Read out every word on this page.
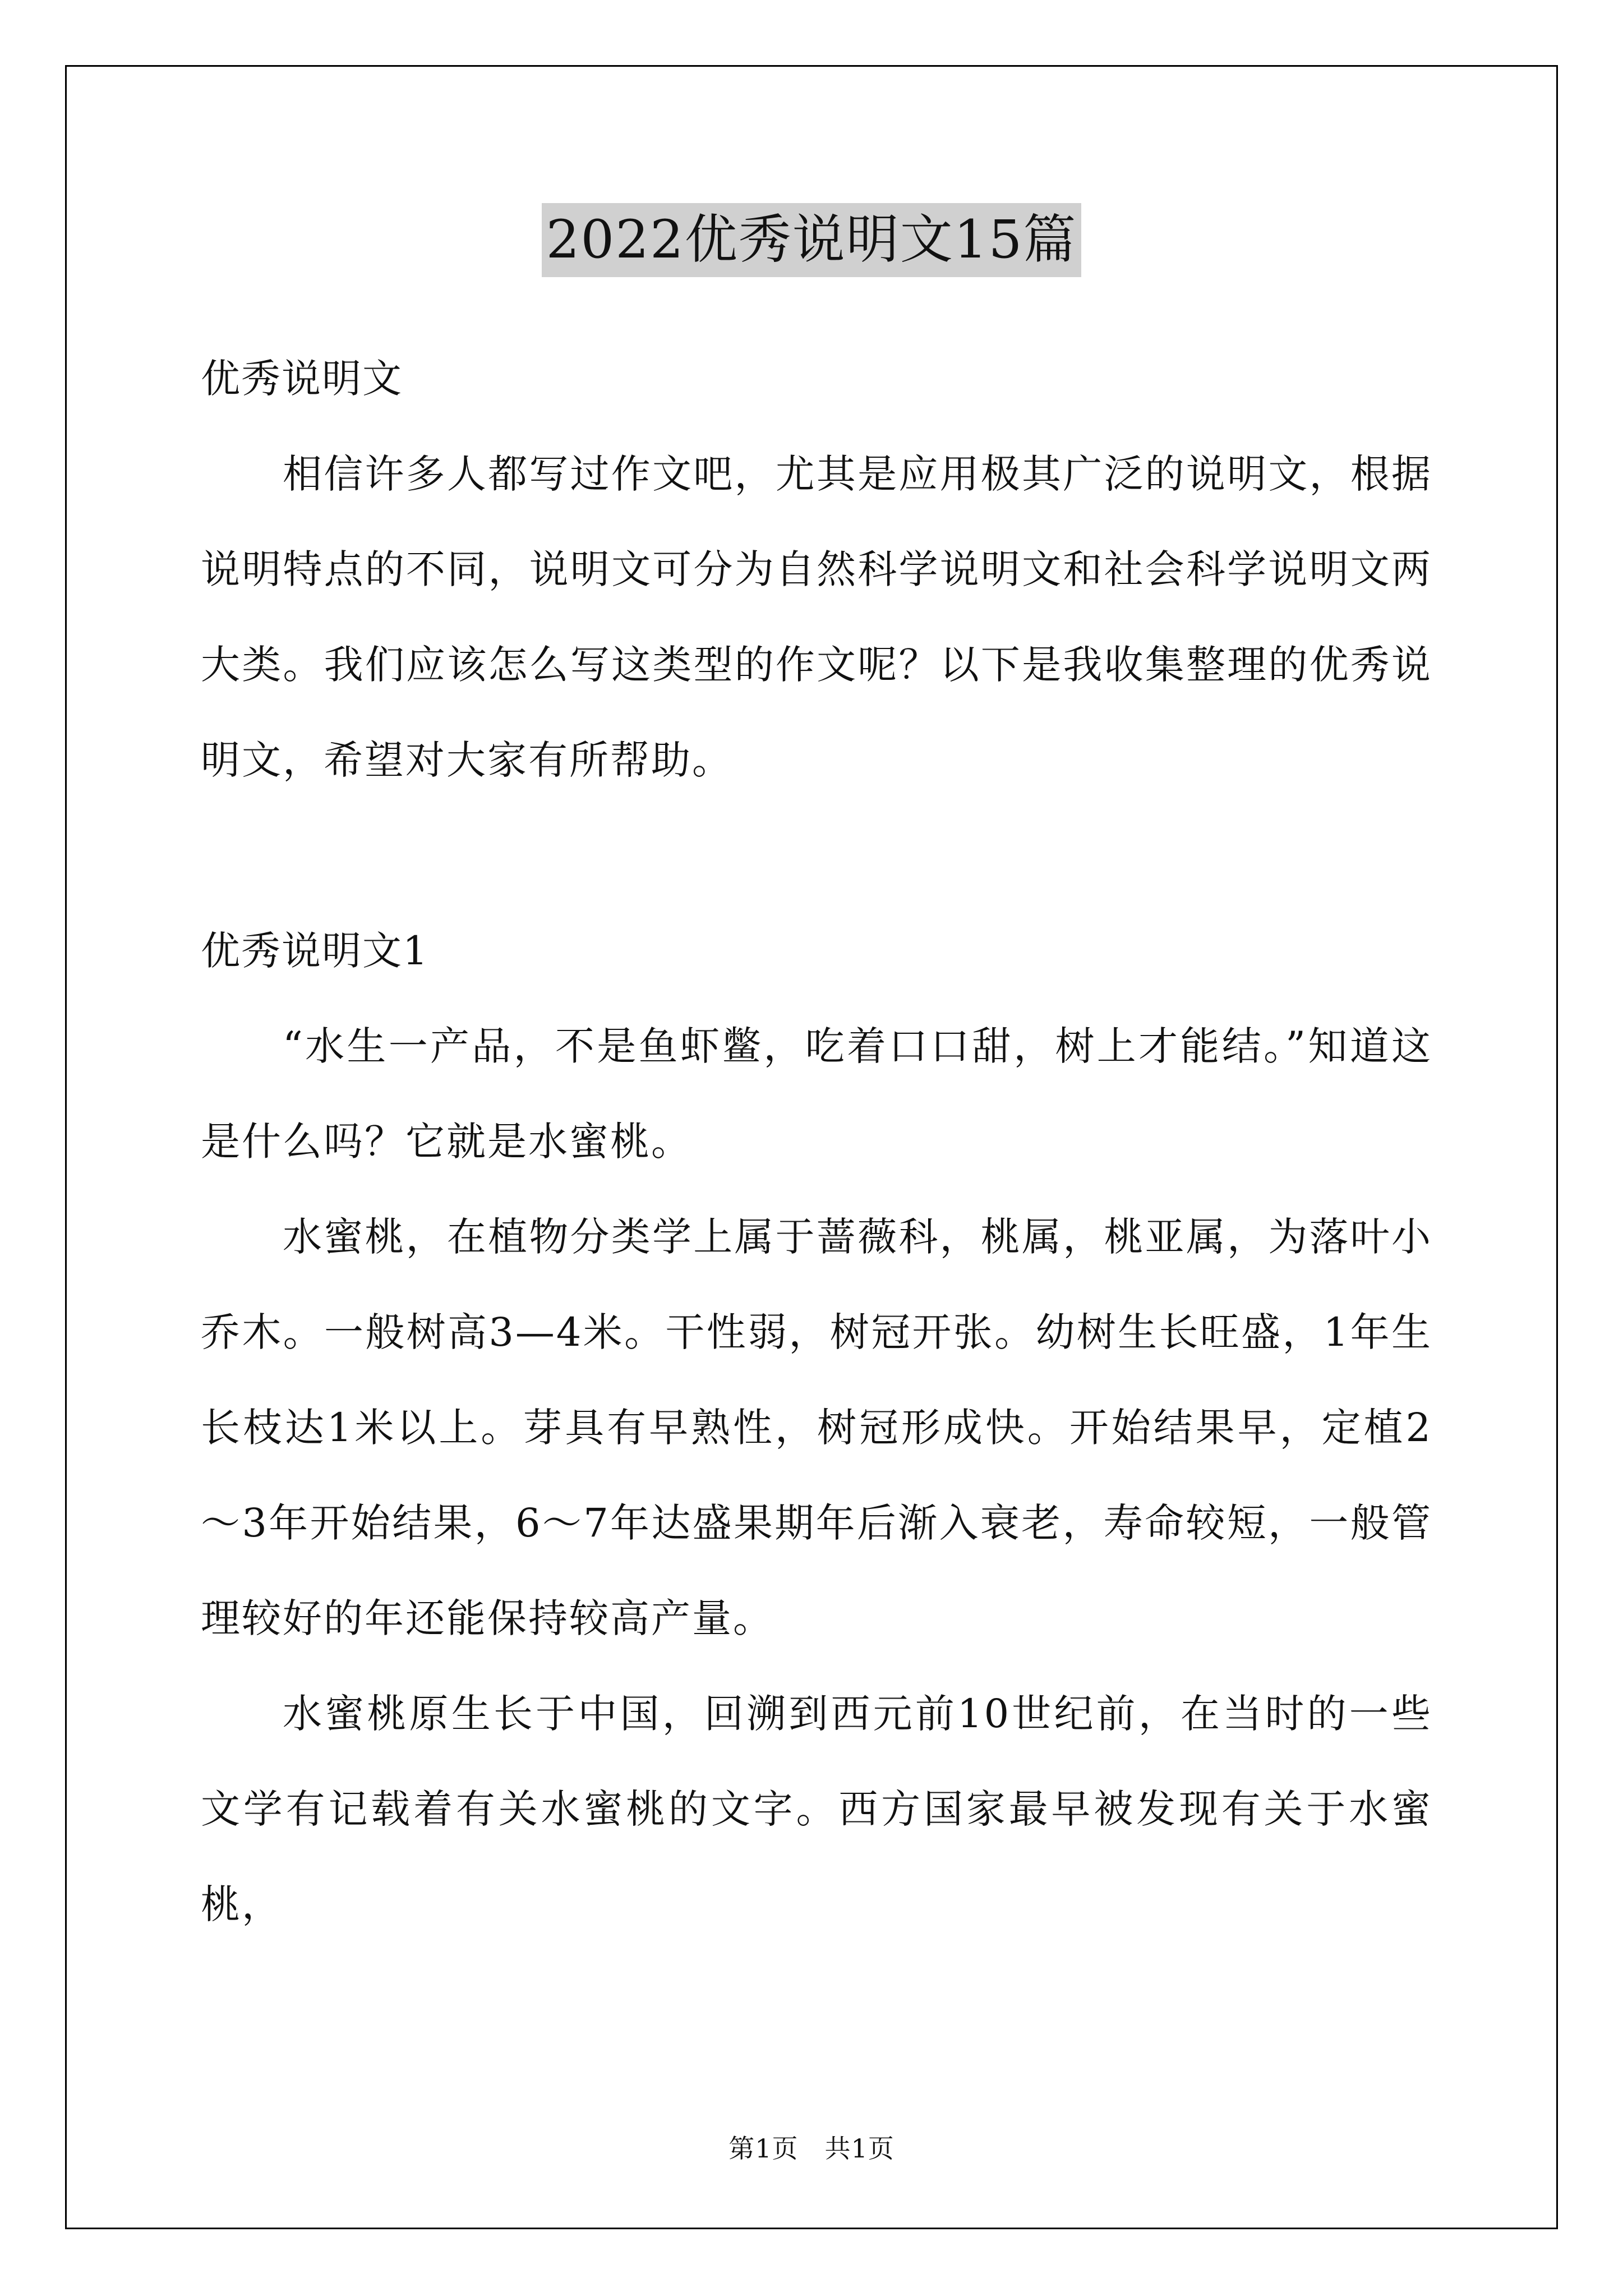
2022优秀说明文15篇

优秀说明文

相信许多人都写过作文吧，尤其是应用极其广泛的说明文，根据说明特点的不同，说明文可分为自然科学说明文和社会科学说明文两大类。我们应该怎么写这类型的作文呢？以下是我收集整理的优秀说明文，希望对大家有所帮助。

优秀说明文1

“水生一产品，不是鱼虾鳖，吃着口口甜，树上才能结。”知道这是什么吗？它就是水蜜桃。

水蜜桃，在植物分类学上属于蔷薇科，桃属，桃亚属，为落叶小乔木。一般树高3—4米。干性弱，树冠开张。幼树生长旺盛，1年生长枝达1米以上。芽具有早熟性，树冠形成快。开始结果早，定植2～3年开始结果，6～7年达盛果期年后渐入衰老，寿命较短，一般管理较好的年还能保持较高产量。

水蜜桃原生长于中国，回溯到西元前10世纪前，在当时的一些文学有记载着有关水蜜桃的文字。西方国家最早被发现有关于水蜜桃，

第1页　共1页
